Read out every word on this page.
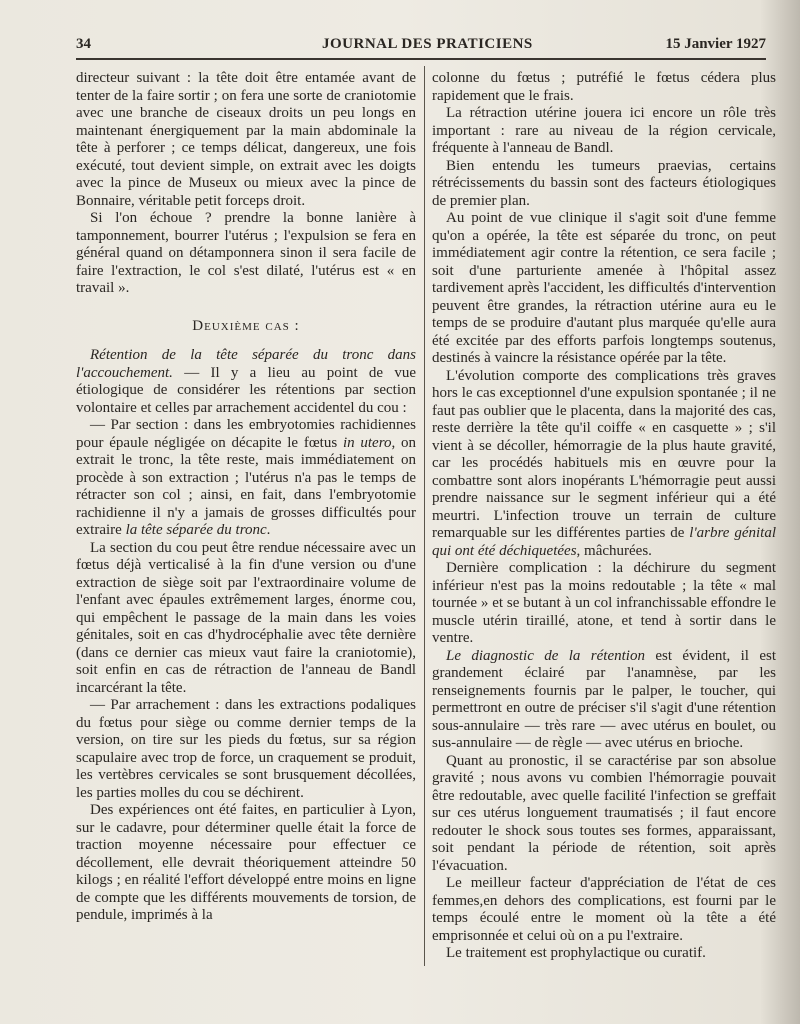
34	JOURNAL DES PRATICIENS	15 Janvier 1927

directeur suivant : la tête doit être entamée avant de tenter de la faire sortir ; on fera une sorte de craniotomie avec une branche de ciseaux droits un peu longs en maintenant énergiquement par la main abdominale la tête à perforer ; ce temps délicat, dangereux, une fois exécuté, tout devient simple, on extrait avec les doigts avec la pince de Museux ou mieux avec la pince de Bonnaire, véritable petit forceps droit.

Si l'on échoue ? prendre la bonne lanière à tamponnement, bourrer l'utérus ; l'expulsion se fera en général quand on détamponnera sinon il sera facile de faire l'extraction, le col s'est dilaté, l'utérus est « en travail ».

Deuxième cas :

Rétention de la tête séparée du tronc dans l'accouchement. — Il y a lieu au point de vue étiologique de considérer les rétentions par section volontaire et celles par arrachement accidentel du cou :

— Par section : dans les embryotomies rachidiennes pour épaule négligée on décapite le fœtus in utero, on extrait le tronc, la tête reste, mais immédiatement on procède à son extraction ; l'utérus n'a pas le temps de rétracter son col ; ainsi, en fait, dans l'embryotomie rachidienne il n'y a jamais de grosses difficultés pour extraire la tête séparée du tronc.

La section du cou peut être rendue nécessaire avec un fœtus déjà verticalisé à la fin d'une version ou d'une extraction de siège soit par l'extraordinaire volume de l'enfant avec épaules extrêmement larges, énorme cou, qui empêchent le passage de la main dans les voies génitales, soit en cas d'hydrocéphalie avec tête dernière (dans ce dernier cas mieux vaut faire la craniotomie), soit enfin en cas de rétraction de l'anneau de Bandl incarcérant la tête.

— Par arrachement : dans les extractions podaliques du fœtus pour siège ou comme dernier temps de la version, on tire sur les pieds du fœtus, sur sa région scapulaire avec trop de force, un craquement se produit, les vertèbres cervicales se sont brusquement décollées, les parties molles du cou se déchirent.

Des expériences ont été faites, en particulier à Lyon, sur le cadavre, pour déterminer quelle était la force de traction moyenne nécessaire pour effectuer ce décollement, elle devrait théoriquement atteindre 50 kilogs ; en réalité l'effort développé entre moins en ligne de compte que les différents mouvements de torsion, de pendule, imprimés à la

colonne du fœtus ; putréfié le fœtus cédera plus rapidement que le frais.

La rétraction utérine jouera ici encore un rôle très important : rare au niveau de la région cervicale, fréquente à l'anneau de Bandl.

Bien entendu les tumeurs praevias, certains rétrécissements du bassin sont des facteurs étiologiques de premier plan.

Au point de vue clinique il s'agit soit d'une femme qu'on a opérée, la tête est séparée du tronc, on peut immédiatement agir contre la rétention, ce sera facile ; soit d'une parturiente amenée à l'hôpital assez tardivement après l'accident, les difficultés d'intervention peuvent être grandes, la rétraction utérine aura eu le temps de se produire d'autant plus marquée qu'elle aura été excitée par des efforts parfois longtemps soutenus, destinés à vaincre la résistance opérée par la tête.

L'évolution comporte des complications très graves hors le cas exceptionnel d'une expulsion spontanée ; il ne faut pas oublier que le placenta, dans la majorité des cas, reste derrière la tête qu'il coiffe « en casquette » ; s'il vient à se décoller, hémorragie de la plus haute gravité, car les procédés habituels mis en œuvre pour la combattre sont alors inopérants L'hémorragie peut aussi prendre naissance sur le segment inférieur qui a été meurtri. L'infection trouve un terrain de culture remarquable sur les différentes parties de l'arbre génital qui ont été déchiquetées, mâchurées.

Dernière complication : la déchirure du segment inférieur n'est pas la moins redoutable ; la tête « mal tournée » et se butant à un col infranchissable effondre le muscle utérin tiraillé, atone, et tend à sortir dans le ventre.

Le diagnostic de la rétention est évident, il est grandement éclairé par l'anamnèse, par les renseignements fournis par le palper, le toucher, qui permettront en outre de préciser s'il s'agit d'une rétention sous-annulaire — très rare — avec utérus en boulet, ou sus-annulaire — de règle — avec utérus en brioche.

Quant au pronostic, il se caractérise par son absolue gravité ; nous avons vu combien l'hémorragie pouvait être redoutable, avec quelle facilité l'infection se greffait sur ces utérus longuement traumatisés ; il faut encore redouter le shock sous toutes ses formes, apparaissant, soit pendant la période de rétention, soit après l'évacuation.

Le meilleur facteur d'appréciation de l'état de ces femmes,en dehors des complications, est fourni par le temps écoulé entre le moment où la tête a été emprisonnée et celui où on a pu l'extraire.

Le traitement est prophylactique ou curatif.
